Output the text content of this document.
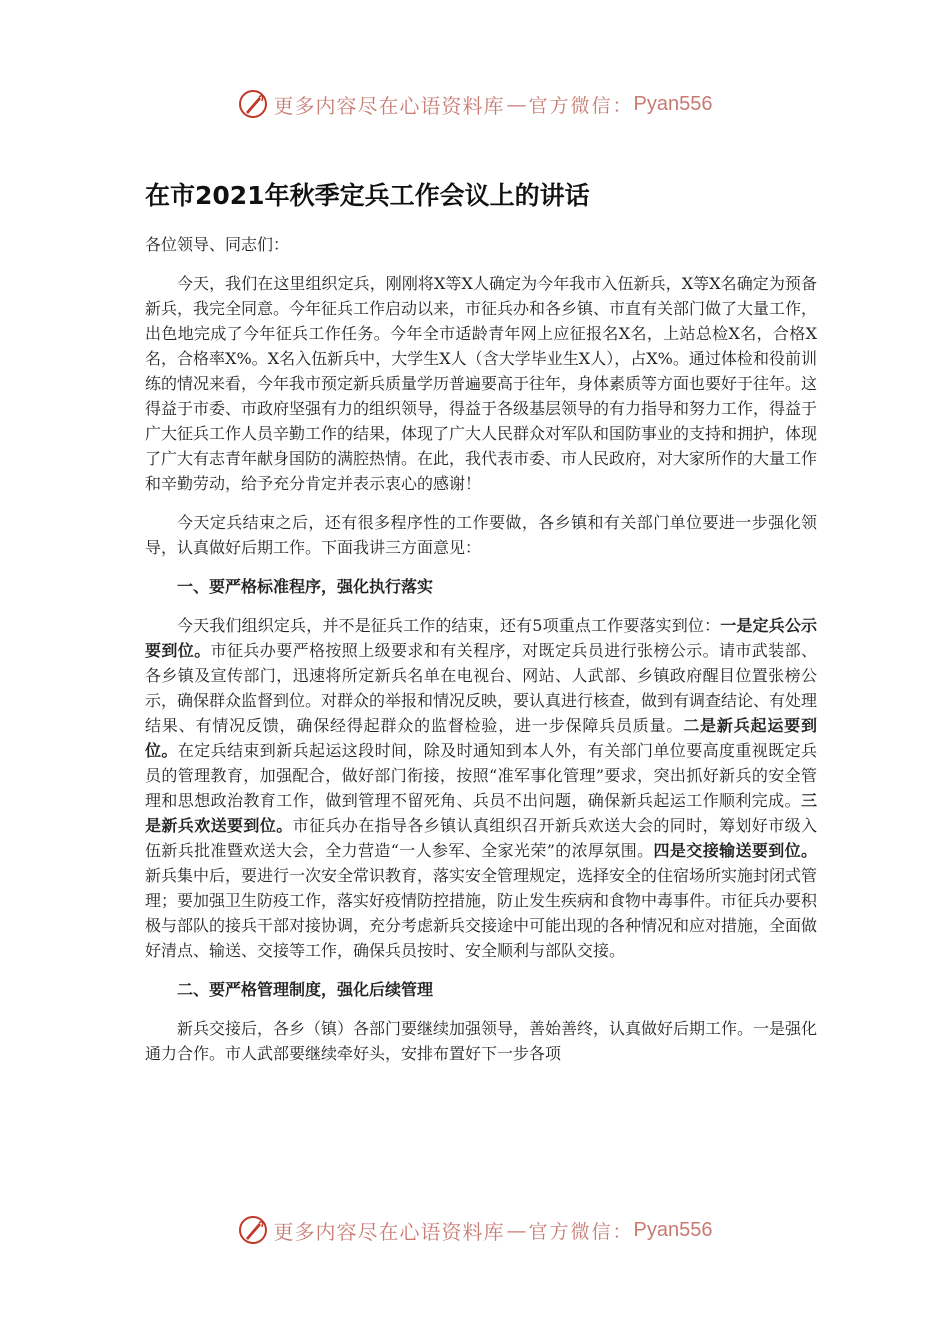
更多内容尽在心语资料库 — 官方微信： Pyan556
在市2021年秋季定兵工作会议上的讲话

各位领导、同志们：

今天，我们在这里组织定兵，刚刚将X等X人确定为今年我市入伍新兵，X等X名确定为预备新兵，我完全同意。今年征兵工作启动以来，市征兵办和各乡镇、市直有关部门做了大量工作，出色地完成了今年征兵工作任务。今年全市适龄青年网上应征报名X名，上站总检X名，合格X名，合格率X%。X名入伍新兵中，大学生X人（含大学毕业生X人），占X%。通过体检和役前训练的情况来看，今年我市预定新兵质量学历普遍要高于往年，身体素质等方面也要好于往年。这得益于市委、市政府坚强有力的组织领导，得益于各级基层领导的有力指导和努力工作，得益于广大征兵工作人员辛勤工作的结果，体现了广大人民群众对军队和国防事业的支持和拥护，体现了广大有志青年献身国防的满腔热情。在此，我代表市委、市人民政府，对大家所作的大量工作和辛勤劳动，给予充分肯定并表示衷心的感谢！

今天定兵结束之后，还有很多程序性的工作要做，各乡镇和有关部门单位要进一步强化领导，认真做好后期工作。下面我讲三方面意见：

一、要严格标准程序，强化执行落实

今天我们组织定兵，并不是征兵工作的结束，还有5项重点工作要落实到位：一是定兵公示要到位。市征兵办要严格按照上级要求和有关程序，对既定兵员进行张榜公示。请市武装部、各乡镇及宣传部门，迅速将所定新兵名单在电视台、网站、人武部、乡镇政府醒目位置张榜公示，确保群众监督到位。对群众的举报和情况反映，要认真进行核查，做到有调查结论、有处理结果、有情况反馈，确保经得起群众的监督检验，进一步保障兵员质量。二是新兵起运要到位。在定兵结束到新兵起运这段时间，除及时通知到本人外，有关部门单位要高度重视既定兵员的管理教育，加强配合，做好部门衔接，按照“准军事化管理”要求，突出抓好新兵的安全管理和思想政治教育工作，做到管理不留死角、兵员不出问题，确保新兵起运工作顺利完成。三是新兵欢送要到位。市征兵办在指导各乡镇认真组织召开新兵欢送大会的同时，筹划好市级入伍新兵批准暨欢送大会，全力营造“一人参军、全家光荣”的浓厚氛围。四是交接输送要到位。新兵集中后，要进行一次安全常识教育，落实安全管理规定，选择安全的住宿场所实施封闭式管理；要加强卫生防疫工作，落实好疫情防控措施，防止发生疾病和食物中毒事件。市征兵办要积极与部队的接兵干部对接协调，充分考虑新兵交接途中可能出现的各种情况和应对措施，全面做好清点、输送、交接等工作，确保兵员按时、安全顺利与部队交接。

二、要严格管理制度，强化后续管理

新兵交接后，各乡（镇）各部门要继续加强领导，善始善终，认真做好后期工作。一是强化通力合作。市人武部要继续牵好头，安排布置好下一步各项

更多内容尽在心语资料库 — 官方微信： Pyan556
